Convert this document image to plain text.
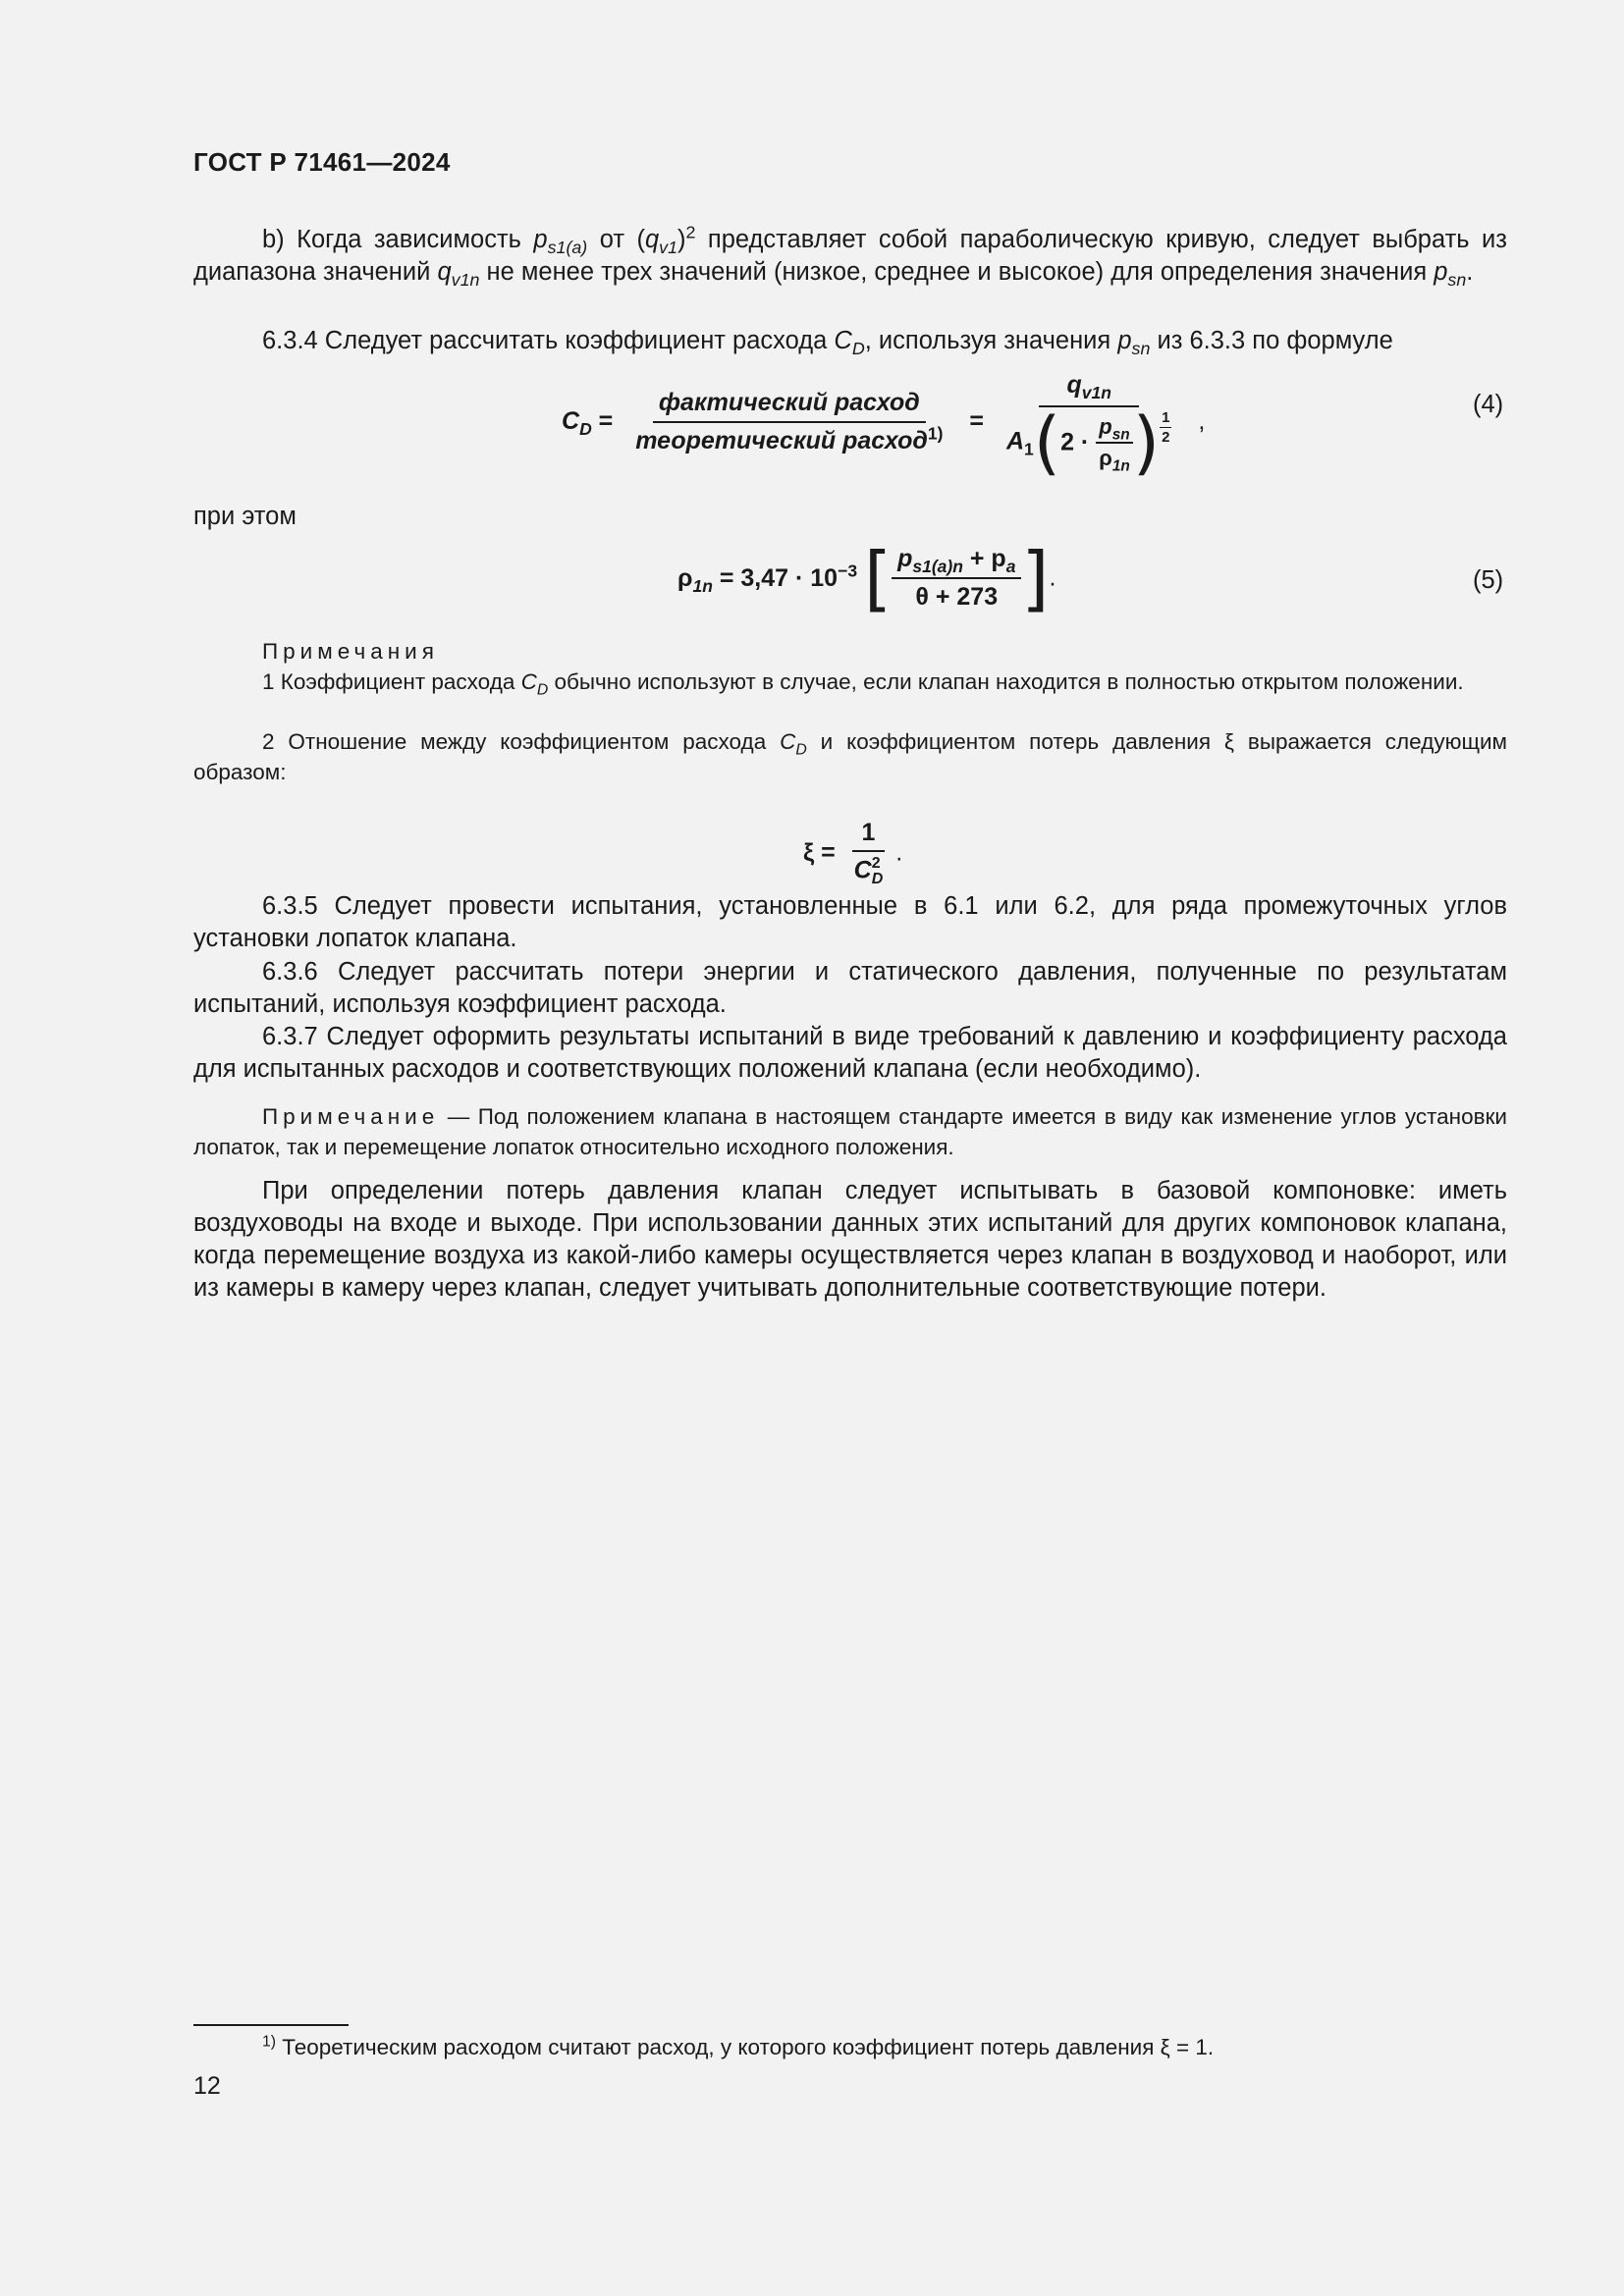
ГОСТ Р 71461—2024
b) Когда зависимость $p_{s1(a)}$ от $(q_{v1})^2$ представляет собой параболическую кривую, следует выбрать из диапазона значений $q_{v1n}$ не менее трех значений (низкое, среднее и высокое) для определения значения $p_{sn}$.
6.3.4 Следует рассчитать коэффициент расхода $C_D$, используя значения $p_{sn}$ из 6.3.3 по формуле
$C_D = \frac{\text{фактический расход}}{теоретический расход^{1)}} = \frac{q_{v1n}}{A_1(2 \cdot \frac{p_{sn}}{\rho_{1n}} ) \frac{1}{2}}$ ,
(4)
при этом
$\rho_{1n} = 3,47 \cdot 10^{-3}$ [ $\frac{p_{s1(a)n} + p_a}{\theta + 273}$ ].	(5)
Примечания
1 Коэффициент расхода $C_D$ обычно используют в случае, если клапан находится в полностью открытом положении.
2 Отношение между коэффициентом расхода $C_D$ и коэффициентом потерь давления ξ выражается следующим образом:
ξ = 1
C 2
D .
6.3.5 Следует провести испытания, установленные в 6.1 или 6.2, для ряда промежуточных углов установки лопаток клапана.
6.3.6 Следует рассчитать потери энергии и статического давления, полученные по результатам испытаний, используя коэффициент расхода.
6.3.7 Следует оформить результаты испытаний в виде требований к давлению и коэффициенту расхода для испытанных расходов и соответствующих положений клапана (если необходимо).
Примечание — Под положением клапана в настоящем стандарте имеется в виду как изменение углов установки лопаток, так и перемещение лопаток относительно исходного положения.
При определении потерь давления клапан следует испытывать в базовой компоновке: иметь воздуховоды на входе и выходе. При использовании данных этих испытаний для других компоновок клапана, когда перемещение воздуха из какой-либо камеры осуществляется через клапан в воздуховод и наоборот, или из камеры в камеру через клапан, следует учитывать дополнительные соответствующие потери.
$^{1)}$ Теоретическим расходом считают расход, у которого коэффициент потерь давления ξ = 1.
12
